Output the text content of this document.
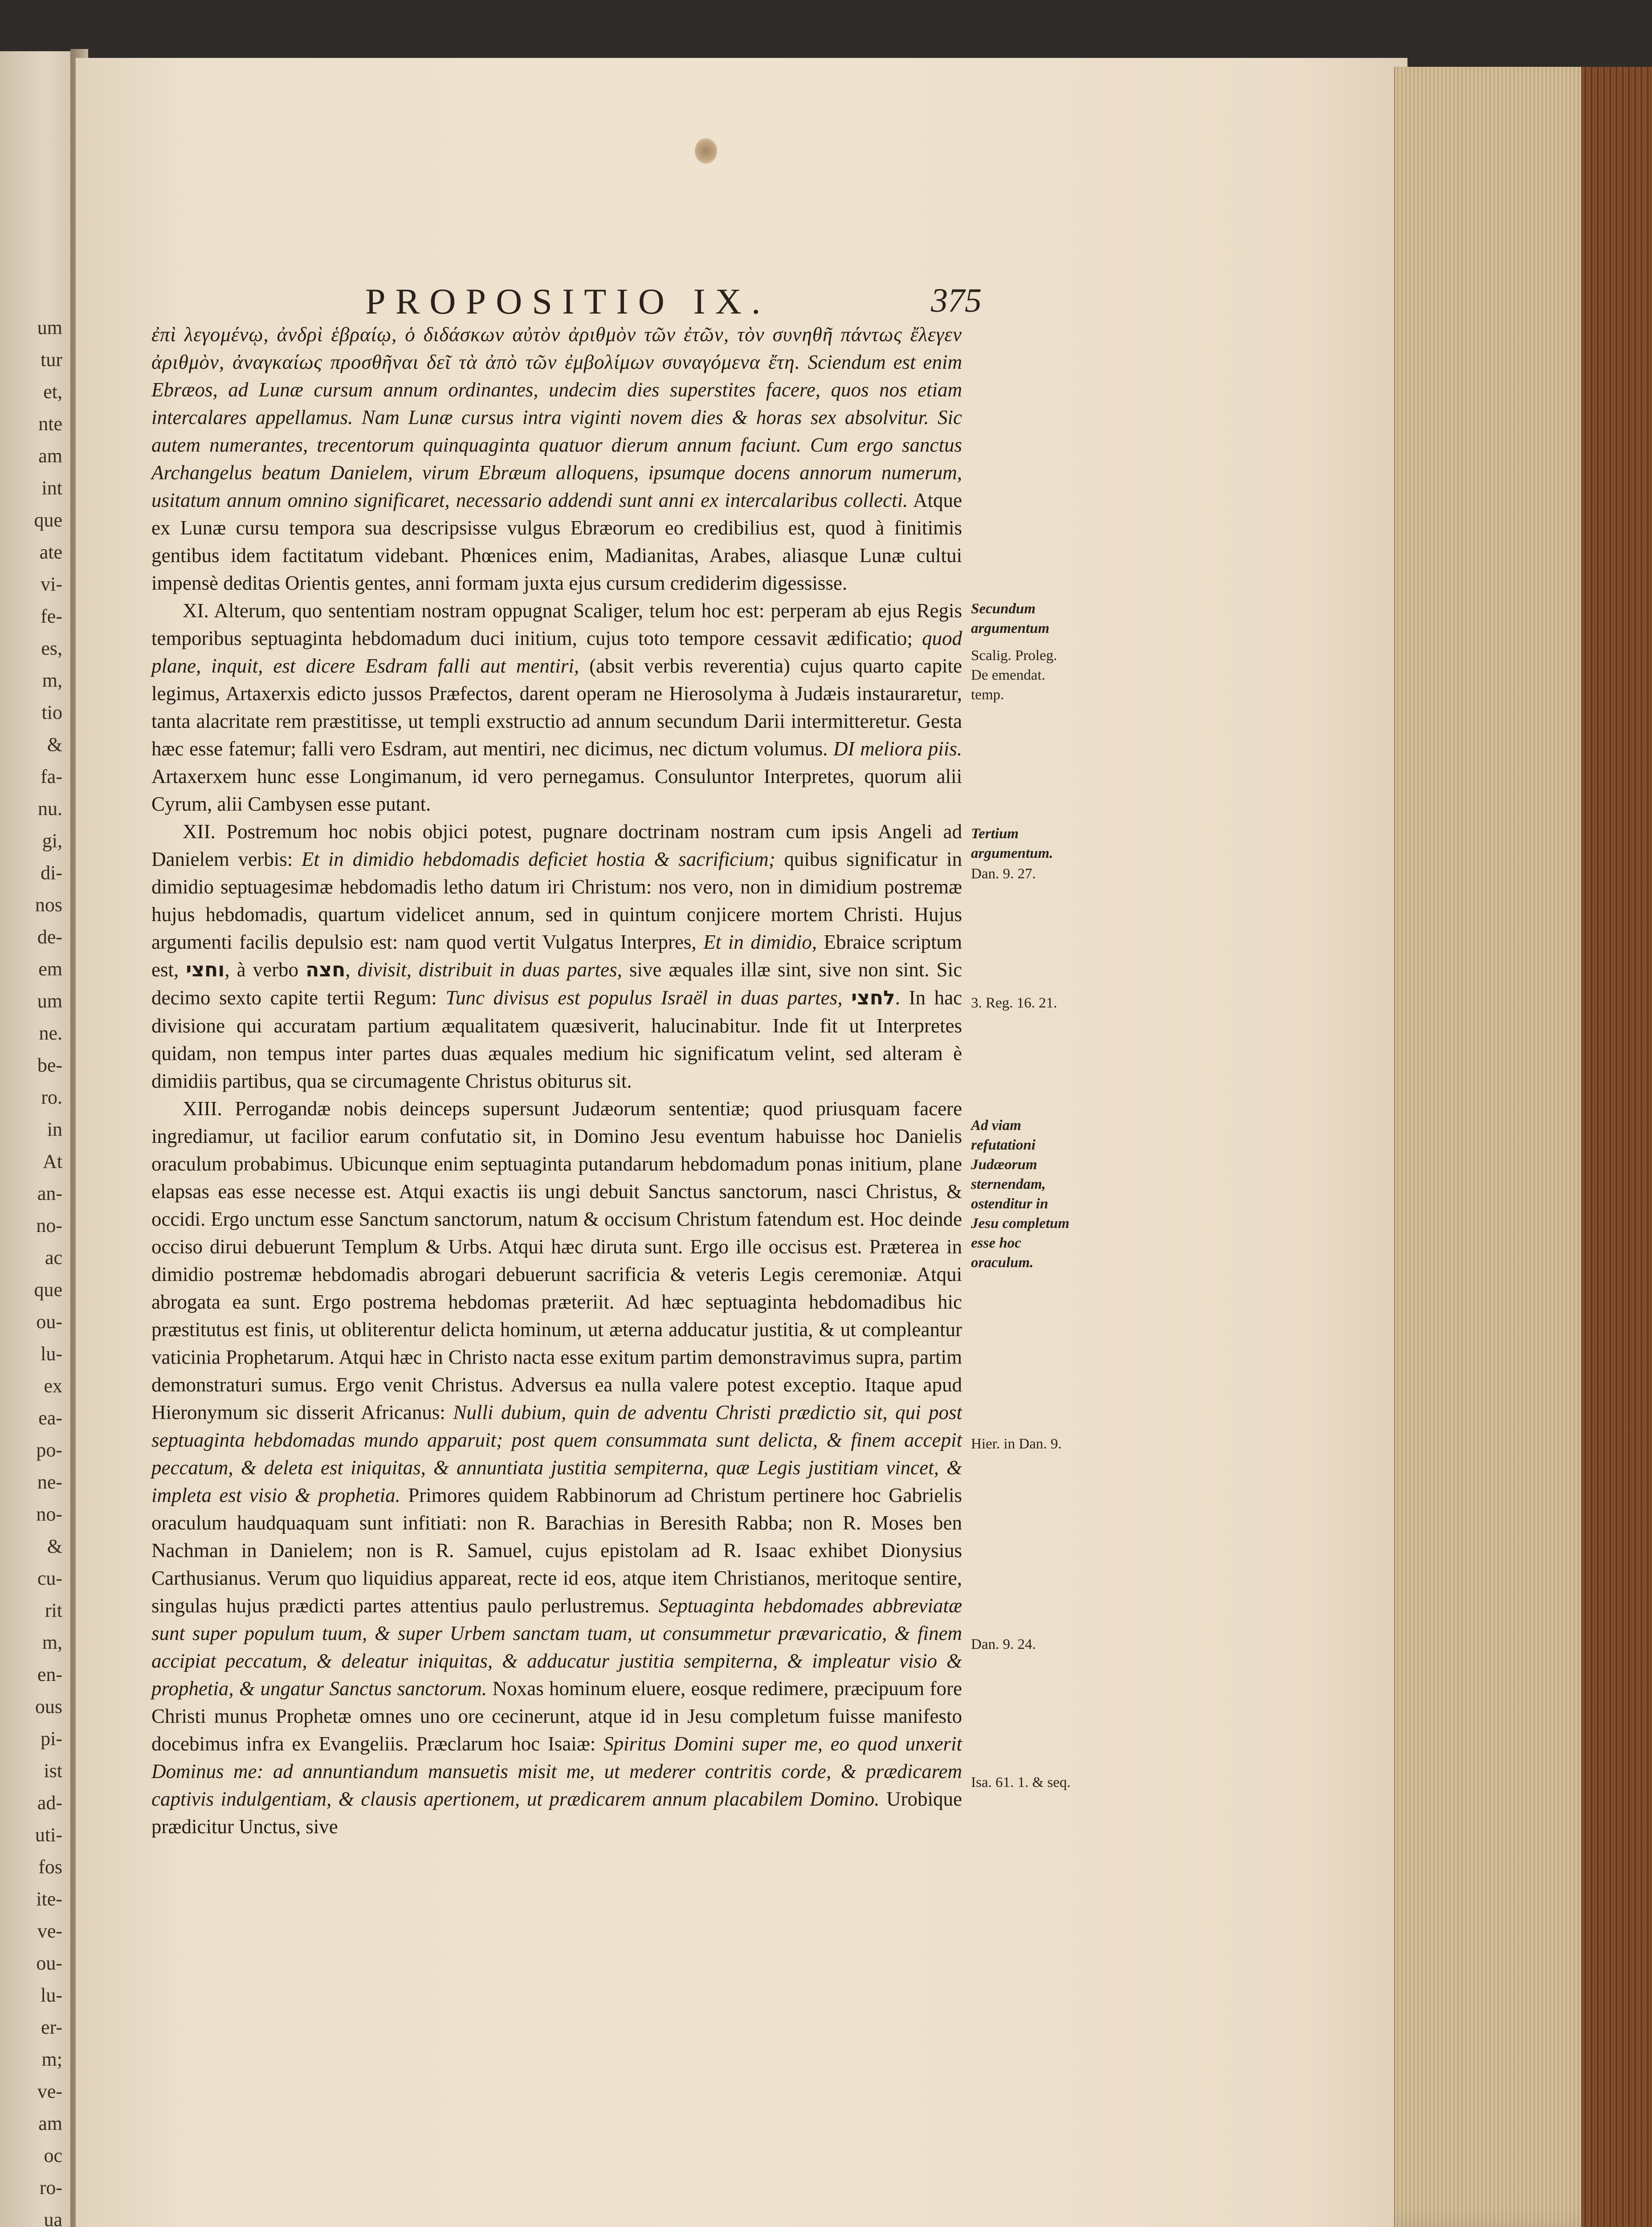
um
tur
et,
nte
am
int
que
ate
vi-
fe-
es,
m,
tio
&
fa-
nu.
gi,
di-
nos
de-
em
um
ne.
be-
ro.
in
At
an-
no-
ac
que
ou-
lu-
ex
ea-
po-
ne-
no-
&
cu-
rit
m,
en-
ous
pi-
ist
ad-
uti-
fos
ite-
ve-
ou-
lu-
er-
m;
ve-
am
oc
ro-
ua
PROPOSITIO IX.	375

ἐπὶ λεγομένῳ, ἀνδρὶ ἑβραίῳ, ὁ διδάσκων αὐτὸν ἀριθμὸν τῶν ἐτῶν, τὸν συνηθῆ πάντως ἔλεγεν ἀριθμὸν, ἀναγκαίως προσθῆναι δεῖ τὰ ἀπὸ τῶν ἐμβολίμων συναγόμενα ἔτη. Sciendum est enim Ebræos, ad Lunæ cursum annum ordinantes, undecim dies superstites facere, quos nos etiam intercalares appellamus. Nam Lunæ cursus intra viginti novem dies & horas sex absolvitur. Sic autem numerantes, trecentorum quinquaginta quatuor dierum annum faciunt. Cum ergo sanctus Archangelus beatum Danielem, virum Ebræum alloquens, ipsumque docens annorum numerum, usitatum annum omnino significaret, necessario addendi sunt anni ex intercalaribus collecti. Atque ex Lunæ cursu tempora sua descripsisse vulgus Ebræorum eo credibilius est, quod à finitimis gentibus idem factitatum videbant. Phœnices enim, Madianitas, Arabes, aliasque Lunæ cultui impensè deditas Orientis gentes, anni formam juxta ejus cursum crediderim digessisse.

XI. Alterum, quo sententiam nostram oppugnat Scaliger, telum hoc est: perperam ab ejus Regis temporibus septuaginta hebdomadum duci initium, cujus toto tempore cessavit ædificatio; quod plane, inquit, est dicere Esdram falli aut mentiri, (absit verbis reverentia) cujus quarto capite legimus, Artaxerxis edicto jussos Præfectos, darent operam ne Hierosolyma à Judæis instauraretur, tanta alacritate rem præstitisse, ut templi exstructio ad annum secundum Darii intermitteretur. Gesta hæc esse fatemur; falli vero Esdram, aut mentiri, nec dicimus, nec dictum volumus. DI meliora piis. Artaxerxem hunc esse Longimanum, id vero pernegamus. Consuluntor Interpretes, quorum alii Cyrum, alii Cambysen esse putant.

XII. Postremum hoc nobis objici potest, pugnare doctrinam nostram cum ipsis Angeli ad Danielem verbis: Et in dimidio hebdomadis deficiet hostia & sacrificium; quibus significatur in dimidio septuagesimæ hebdomadis letho datum iri Christum: nos vero, non in dimidium postremæ hujus hebdomadis, quartum videlicet annum, sed in quintum conjicere mortem Christi. Hujus argumenti facilis depulsio est: nam quod vertit Vulgatus Interpres, Et in dimidio, Ebraice scriptum est, וחצי, à verbo חצה, divisit, distribuit in duas partes, sive æquales illæ sint, sive non sint. Sic decimo sexto capite tertii Regum: Tunc divisus est populus Israël in duas partes, לחצי. In hac divisione qui accuratam partium æqualitatem quæsiverit, halucinabitur. Inde fit ut Interpretes quidam, non tempus inter partes duas æquales medium hic significatum velint, sed alteram è dimidiis partibus, qua se circumagente Christus obiturus sit.

XIII. Perrogandæ nobis deinceps supersunt Judæorum sententiæ; quod priusquam facere ingrediamur, ut facilior earum confutatio sit, in Domino Jesu eventum habuisse hoc Danielis oraculum probabimus. Ubicunque enim septuaginta putandarum hebdomadum ponas initium, plane elapsas eas esse necesse est. Atqui exactis iis ungi debuit Sanctus sanctorum, nasci Christus, & occidi. Ergo unctum esse Sanctum sanctorum, natum & occisum Christum fatendum est. Hoc deinde occiso dirui debuerunt Templum & Urbs. Atqui hæc diruta sunt. Ergo ille occisus est. Præterea in dimidio postremæ hebdomadis abrogari debuerunt sacrificia & veteris Legis ceremoniæ. Atqui abrogata ea sunt. Ergo postrema hebdomas præteriit. Ad hæc septuaginta hebdomadibus hic præstitutus est finis, ut obliterentur delicta hominum, ut æterna adducatur justitia, & ut compleantur vaticinia Prophetarum. Atqui hæc in Christo nacta esse exitum partim demonstravimus supra, partim demonstraturi sumus. Ergo venit Christus. Adversus ea nulla valere potest exceptio. Itaque apud Hieronymum sic disserit Africanus: Nulli dubium, quin de adventu Christi prædictio sit, qui post septuaginta hebdomadas mundo apparuit; post quem consummata sunt delicta, & finem accepit peccatum, & deleta est iniquitas, & annuntiata justitia sempiterna, quæ Legis justitiam vincet, & impleta est visio & prophetia. Primores quidem Rabbinorum ad Christum pertinere hoc Gabrielis oraculum haudquaquam sunt infitiati: non R. Barachias in Beresith Rabba; non R. Moses ben Nachman in Danielem; non is R. Samuel, cujus epistolam ad R. Isaac exhibet Dionysius Carthusianus. Verum quo liquidius appareat, recte id eos, atque item Christianos, meritoque sentire, singulas hujus prædicti partes attentius paulo perlustremus. Septuaginta hebdomades abbreviatæ sunt super populum tuum, & super Urbem sanctam tuam, ut consummetur prævaricatio, & finem accipiat peccatum, & deleatur iniquitas, & adducatur justitia sempiterna, & impleatur visio & prophetia, & ungatur Sanctus sanctorum. Noxas hominum eluere, eosque redimere, præcipuum fore Christi munus Prophetæ omnes uno ore cecinerunt, atque id in Jesu completum fuisse manifesto docebimus infra ex Evangeliis. Præclarum hoc Isaiæ: Spiritus Domini super me, eo quod unxerit Dominus me: ad annuntiandum mansuetis misit me, ut mederer contritis corde, & prædicarem captivis indulgentiam, & clausis apertionem, ut prædicarem annum placabilem Domino. Urobique prædicitur Unctus, sive

Secundum argumentum
Scalig. Proleg. De emendat. temp.
Tertium argumentum.
Dan. 9. 27.
3. Reg. 16. 21.
Ad viam refutationi Judæorum sternendam, ostenditur in Jesu completum esse hoc oraculum.
Hier. in Dan. 9.
Dan. 9. 24.
Isa. 61. 1. & seq.
